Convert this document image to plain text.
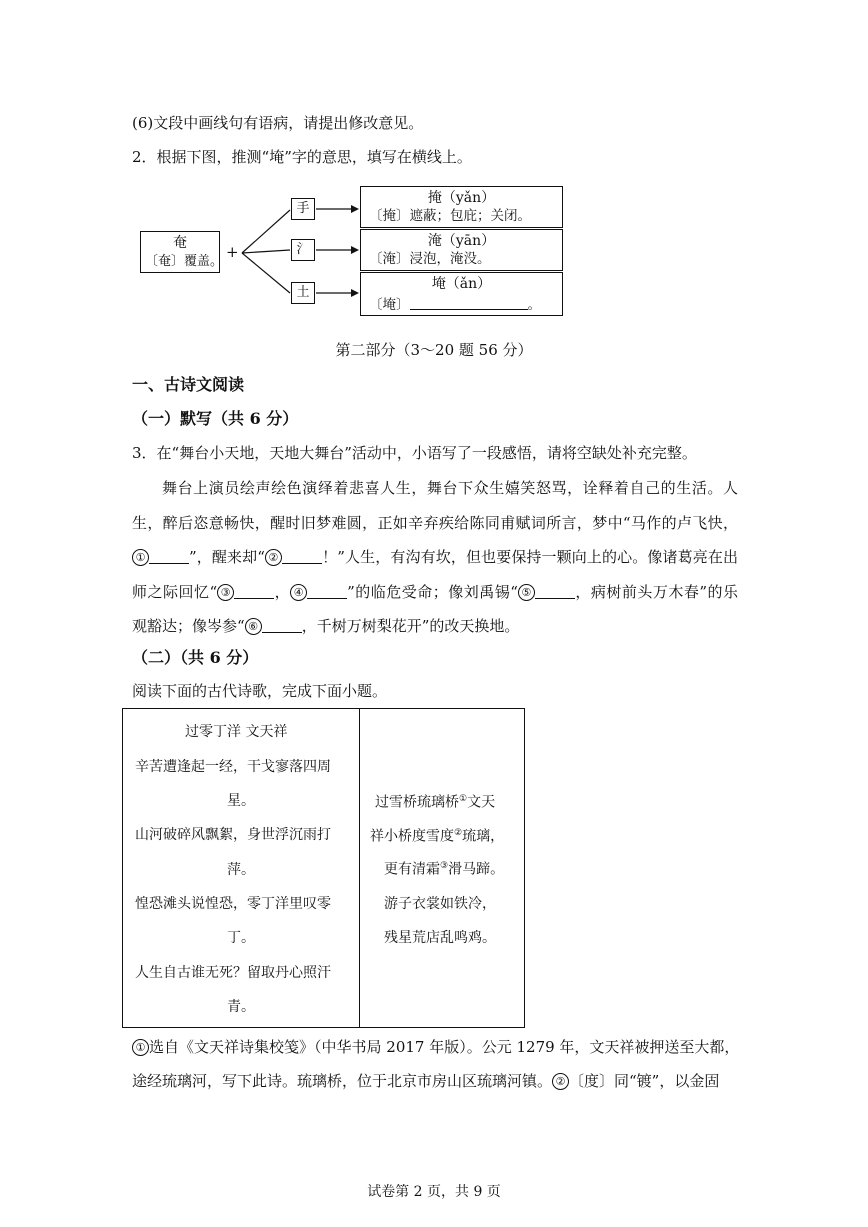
(6)文段中画线句有语病，请提出修改意见。
2．根据下图，推测“埯”字的意思，填写在横线上。
奄
〔奄〕覆盖。
+
手
氵
土
掩（yǎn）
〔掩〕遮蔽；包庇；关闭。
淹（yān）
〔淹〕浸泡，淹没。
埯（ǎn）
〔埯〕	。
第二部分（3～20 题 56 分）
一、古诗文阅读
（一）默写（共 6 分）
3．在“舞台小天地，天地大舞台”活动中，小语写了一段感悟，请将空缺处补充完整。
舞台上演员绘声绘色演绎着悲喜人生，舞台下众生嬉笑怒骂，诠释着自己的生活。人生，醉后恣意畅快，醒时旧梦难圆，正如辛弃疾给陈同甫赋词所言，梦中“马作的卢飞快，①	”，醒来却“ ②	！”人生，有沟有坎，但也要保持一颗向上的心。像诸葛亮在出师之际回忆“ ③	， ④	”的临危受命；像刘禹锡“ ⑤	，病树前头万木春”的乐观豁达；像岑参“ ⑥	，千树万树梨花开”的改天换地。
（二）（共 6 分）
阅读下面的古代诗歌，完成下面小题。
过零丁洋 文天祥
辛苦遭逢起一经，干戈寥落四周
星。
山河破碎风飘絮，身世浮沉雨打
萍。
惶恐滩头说惶恐，零丁洋里叹零
丁。
人生自古谁无死？留取丹心照汗
青。
过雪桥琉璃桥①文天
祥小桥度雪度②琉璃，
更有清霜③滑马蹄。
游子衣裳如铁冷，
残星荒店乱鸣鸡。
① 选自《文天祥诗集校笺》（中华书局 2017 年版）。公元 1279 年，文天祥被押送至大都，
途经琉璃河，写下此诗。琉璃桥，位于北京市房山区琉璃河镇。 ② 〔度〕同“镀”，以金固
试卷第 2 页，共 9 页
